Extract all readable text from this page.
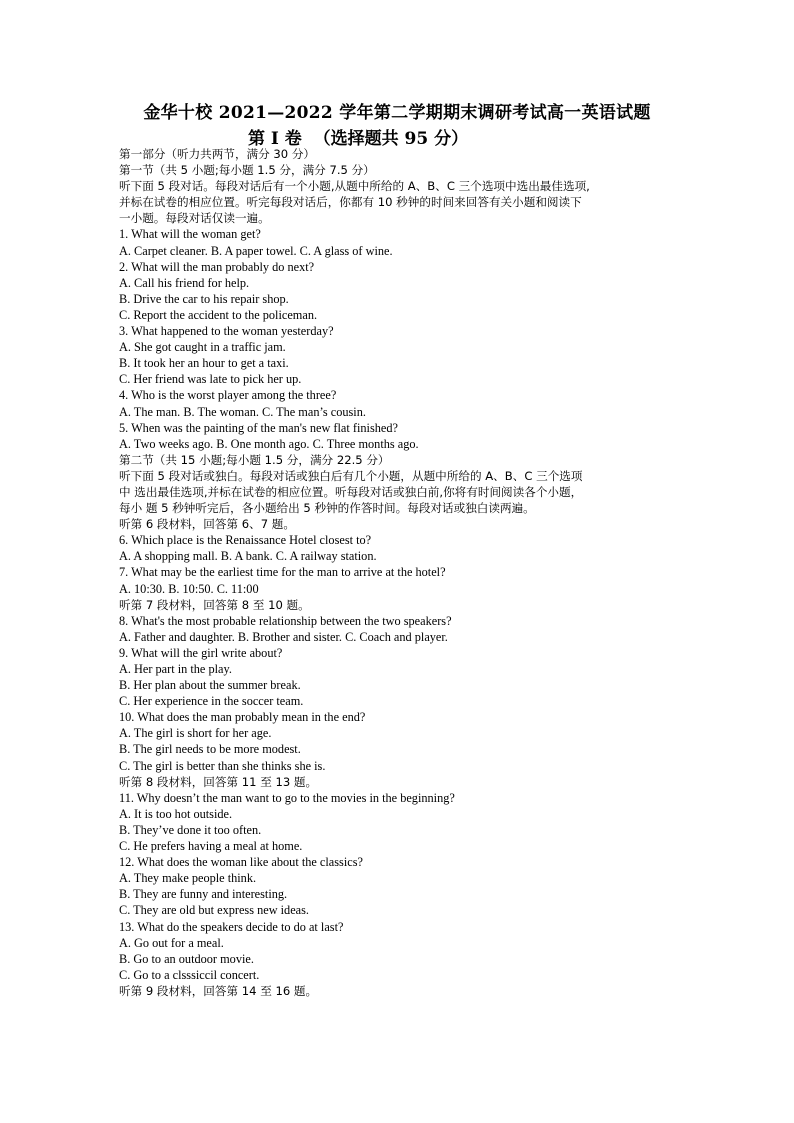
金华十校 2021—2022 学年第二学期期末调研考试高一英语试题
第 I 卷  （选择题共 95 分）
第一部分（听力共两节，满分 30 分）
第一节（共 5 小题;每小题 1.5 分，满分 7.5 分）
听下面 5 段对话。每段对话后有一个小题,从题中所给的 A、B、C 三个选项中选出最佳选项,
并标在试卷的相应位置。听完每段对话后，你都有 10 秒钟的时间来回答有关小题和阅读下
一小题。每段对话仅读一遍。
1. What will the woman get?
A. Carpet cleaner. B. A paper towel. C. A glass of wine.
2. What will the man probably do next?
A. Call his friend for help.
B. Drive the car to his repair shop.
C. Report the accident to the policeman.
3. What happened to the woman yesterday?
A. She got caught in a traffic jam.
B. It took her an hour to get a taxi.
C. Her friend was late to pick her up.
4. Who is the worst player among the three?
A. The man. B. The woman. C. The man’s cousin.
5. When was the painting of the man's new flat finished?
A. Two weeks ago. B. One month ago. C. Three months ago.
第二节（共 15 小题;每小题 1.5 分，满分 22.5 分）
听下面 5 段对话或独白。每段对话或独白后有几个小题，从题中所给的 A、B、C 三个选项
中 选出最佳选项,并标在试卷的相应位置。听每段对话或独白前,你将有时间阅读各个小题，
每小 题 5 秒钟听完后，各小题给出 5 秒钟的作答时间。每段对话或独白读两遍。
听第 6 段材料，回答第 6、7 题。
6. Which place is the Renaissance Hotel closest to?
A. A shopping mall. B. A bank. C. A railway station.
7. What may be the earliest time for the man to arrive at the hotel?
A. 10:30. B. 10:50. C. 11:00
听第 7 段材料，回答第 8 至 10 题。
8. What's the most probable relationship between the two speakers?
A. Father and daughter. B. Brother and sister. C. Coach and player.
9. What will the girl write about?
A. Her part in the play.
B. Her plan about the summer break.
C. Her experience in the soccer team.
10. What does the man probably mean in the end?
A. The girl is short for her age.
B. The girl needs to be more modest.
C. The girl is better than she thinks she is.
听第 8 段材料，回答第 11 至 13 题。
11. Why doesn’t the man want to go to the movies in the beginning?
A. It is too hot outside.
B. They’ve done it too often.
C. He prefers having a meal at home.
12. What does the woman like about the classics?
A. They make people think.
B. They are funny and interesting.
C. They are old but express new ideas.
13. What do the speakers decide to do at last?
A. Go out for a meal.
B. Go to an outdoor movie.
C. Go to a clsssiccil concert.
听第 9 段材料，回答第 14 至 16 题。
